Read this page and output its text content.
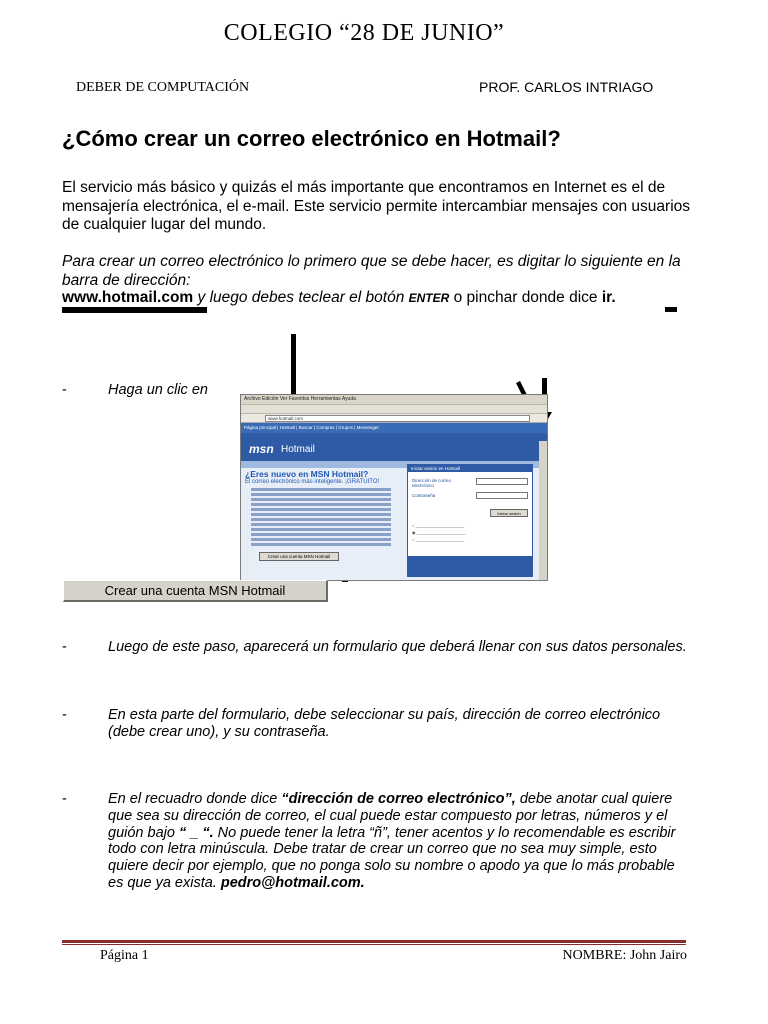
COLEGIO “28 DE JUNIO”
DEBER DE COMPUTACIÓN	PROF. CARLOS INTRIAGO
¿Cómo crear un correo electrónico en Hotmail?
El servicio más básico y quizás el más importante que encontramos en Internet es el de mensajería electrónica, el e-mail. Este servicio permite intercambiar mensajes con usuarios de cualquier lugar del mundo.
Para crear un correo electrónico lo primero que se debe hacer, es digitar lo siguiente en la barra de dirección:
www.hotmail.com y luego debes teclear el botón ENTER o pinchar donde dice ir.
-	Haga un clic en
Archivo Edición Ver Favoritos Herramientas Ayuda
www.hotmail.com
Página principal | Hotmail | Buscar | Compras | Grupos | Messenger
msn Hotmail
¿Eres nuevo en MSN Hotmail?
El correo electrónico más inteligente. ¡GRATUITO!
Crear una cuenta MSN Hotmail
Iniciar sesión en Hotmail
Dirección de correo electrónico
Contraseña
Iniciar sesión
○ ______________________
◉ ______________________
○ ______________________
Crear una cuenta MSN Hotmail
-	Luego de este paso, aparecerá un formulario que deberá llenar con sus datos personales.
-	En esta parte del formulario, debe seleccionar su país, dirección de correo electrónico (debe crear uno), y su contraseña.
-	En el recuadro donde dice “dirección de correo electrónico”, debe anotar cual quiere que sea su dirección de correo, el cual puede estar compuesto por letras, números y el guión bajo “ _ “. No puede tener la letra “ñ”, tener acentos y lo recomendable es escribir todo con letra minúscula. Debe tratar de crear un correo que no sea muy simple, esto quiere decir por ejemplo, que no ponga solo su nombre o apodo ya que lo más probable es que ya exista. pedro@hotmail.com.
Página 1	NOMBRE: John Jairo
